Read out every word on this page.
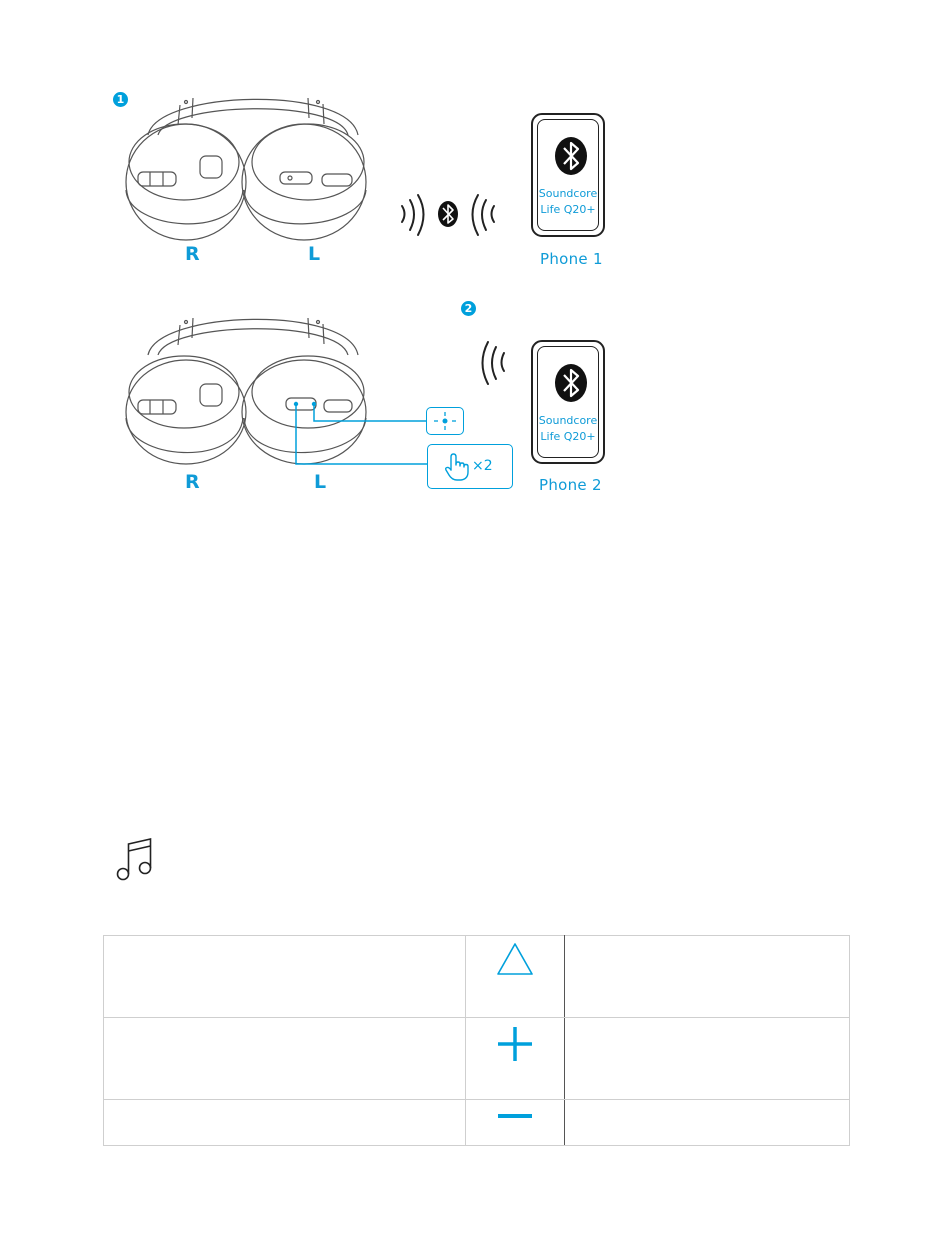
1
R	L
Soundcore
Life Q20+
Phone 1
2
R	L
×2
Soundcore
Life Q20+
Phone 2
